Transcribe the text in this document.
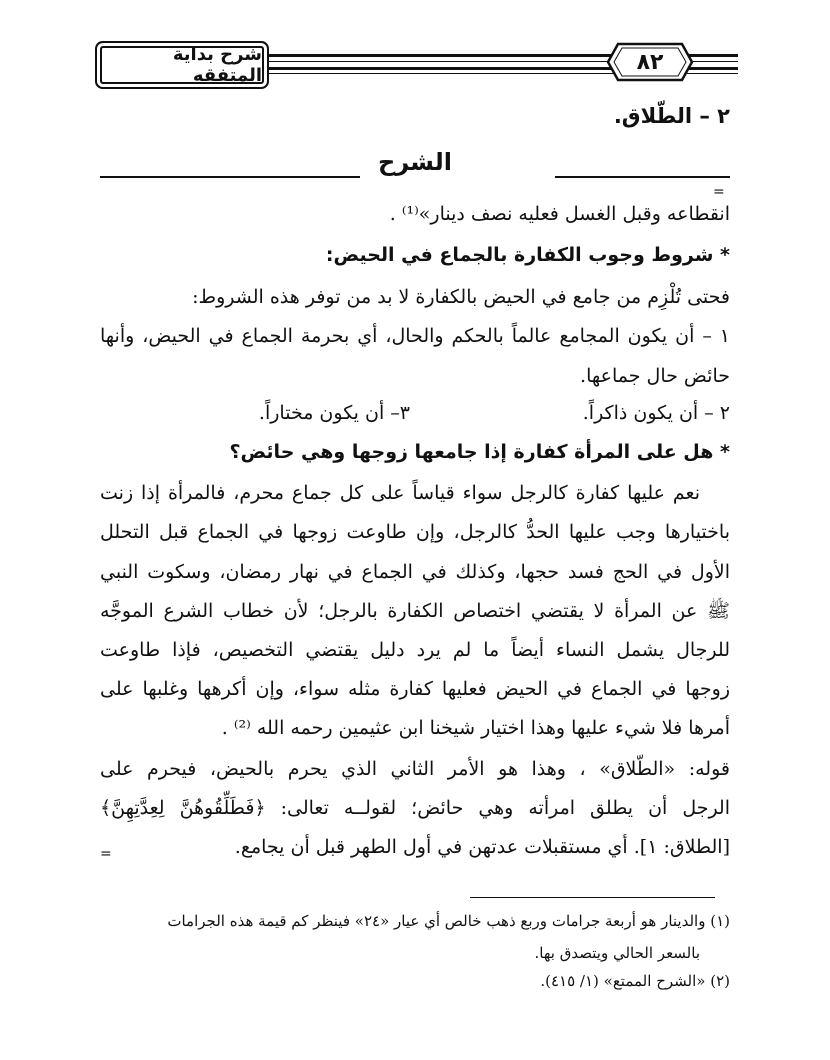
شرح بداية المتفقه
٨٢
٢ – الطّلاق.
الشرح
=
انقطاعه وقبل الغسل فعليه نصف دينار»⁽¹⁾ .
* شروط وجوب الكفارة بالجماع في الحيض:
فحتى تُلْزِم من جامع في الحيض بالكفارة لا بد من توفر هذه الشروط:
١ – أن يكون المجامع عالماً بالحكم والحال، أي بحرمة الجماع في الحيض، وأنها
حائض حال جماعها.
٢ – أن يكون ذاكراً.
٣– أن يكون مختاراً.
* هل على المرأة كفارة إذا جامعها زوجها وهي حائض؟
نعم عليها كفارة كالرجل سواء قياساً على كل جماع محرم، فالمرأة إذا زنت
باختيارها وجب عليها الحدُّ كالرجل، وإن طاوعت زوجها في الجماع قبل التحلل
الأول في الحج فسد حجها، وكذلك في الجماع في نهار رمضان، وسكوت النبي
ﷺ عن المرأة لا يقتضي اختصاص الكفارة بالرجل؛ لأن خطاب الشرع الموجَّه
للرجال يشمل النساء أيضاً ما لم يرد دليل يقتضي التخصيص، فإذا طاوعت
زوجها في الجماع في الحيض فعليها كفارة مثله سواء، وإن أكرهها وغلبها على
أمرها فلا شيء عليها وهذا اختيار شيخنا ابن عثيمين رحمه الله ⁽²⁾ .
قوله: «الطّلاق» ، وهذا هو الأمر الثاني الذي يحرم بالحيض، فيحرم على
الرجل أن يطلق امرأته وهي حائض؛ لقولــه تعالى: ﴿فَطَلِّقُوهُنَّ لِعِدَّتِهِنَّ﴾
[الطلاق: ١]. أي مستقبلات عدتهن في أول الطهر قبل أن يجامع.
=
(١) والدينار هو أربعة جرامات وربع ذهب خالص أي عيار «٢٤» فينظر كم قيمة هذه الجرامات
بالسعر الحالي ويتصدق بها.
(٢) «الشرح الممتع» (١/ ٤١٥).
